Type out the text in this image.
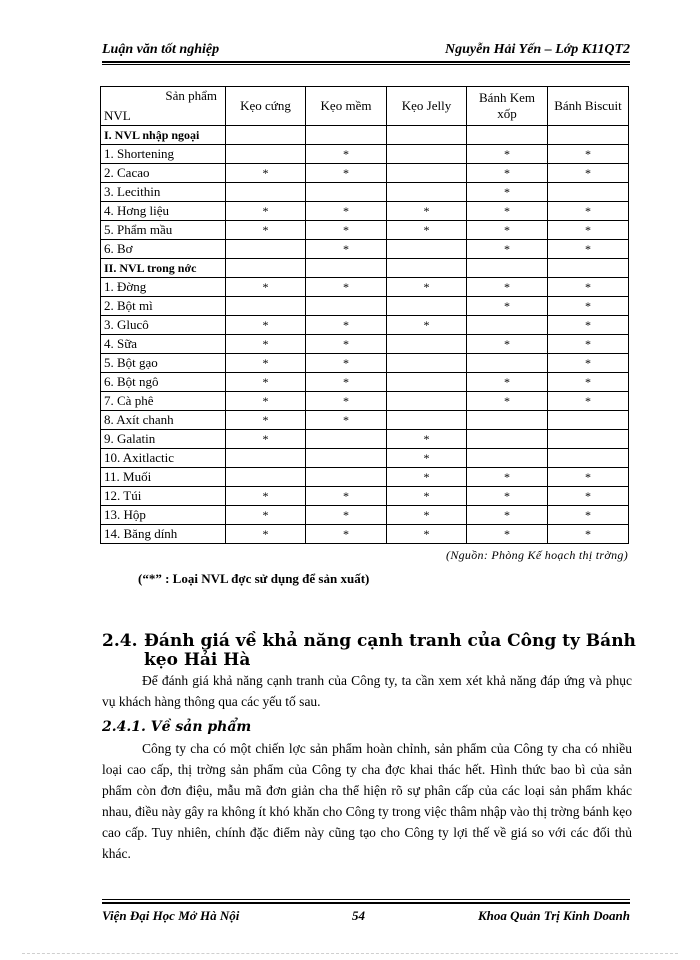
Luận văn tốt nghiệp	Nguyễn Hải Yến – Lớp K11QT2
Sản phẩm
NVL	Kẹo cứng	Kẹo mềm	Kẹo Jelly	Bánh Kem xốp	Bánh Biscuit
I. NVL nhập ngoại					
1. Shortening		*		*	*
2. Cacao	*	*		*	*
3. Lecithin				*	
4. Hơng liệu	*	*	*	*	*
5. Phẩm mầu	*	*	*	*	*
6. Bơ		*		*	*
II. NVL trong nớc					
1. Đờng	*	*	*	*	*
2. Bột mì				*	*
3. Glucô	*	*	*		*
4. Sữa	*	*		*	*
5. Bột gạo	*	*			*
6. Bột ngô	*	*		*	*
7. Cà phê	*	*		*	*
8. Axít chanh	*	*			
9. Galatin	*		*		
10. Axitlactic			*		
11. Muối			*	*	*
12. Túi	*	*	*	*	*
13. Hộp	*	*	*	*	*
14. Băng dính	*	*	*	*	*
(Nguồn: Phòng Kế hoạch thị trờng)
(“*” : Loại NVL đợc sử dụng để sản xuất)
2.4. Đánh giá về khả năng cạnh tranh của Công ty Bánh kẹo Hải Hà
Để đánh giá khả năng cạnh tranh của Công ty, ta cần xem xét khả năng đáp ứng và phục vụ khách hàng thông qua các yếu tố sau.
2.4.1. Về sản phẩm
Công ty cha có một chiến lợc sản phẩm hoàn chỉnh, sản phẩm của Công ty cha có nhiều loại cao cấp, thị trờng sản phẩm của Công ty cha đợc khai thác hết. Hình thức bao bì của sản phẩm còn đơn điệu, mẫu mã đơn giản cha thể hiện rõ sự phân cấp của các loại sản phẩm khác nhau, điều này gây ra không ít khó khăn cho Công ty trong việc thâm nhập vào thị trờng bánh kẹo cao cấp. Tuy nhiên, chính đặc điểm này cũng tạo cho Công ty lợi thế về giá so với các đối thủ khác.
Viện Đại Học Mở Hà Nội	54	Khoa Quản Trị Kinh Doanh
